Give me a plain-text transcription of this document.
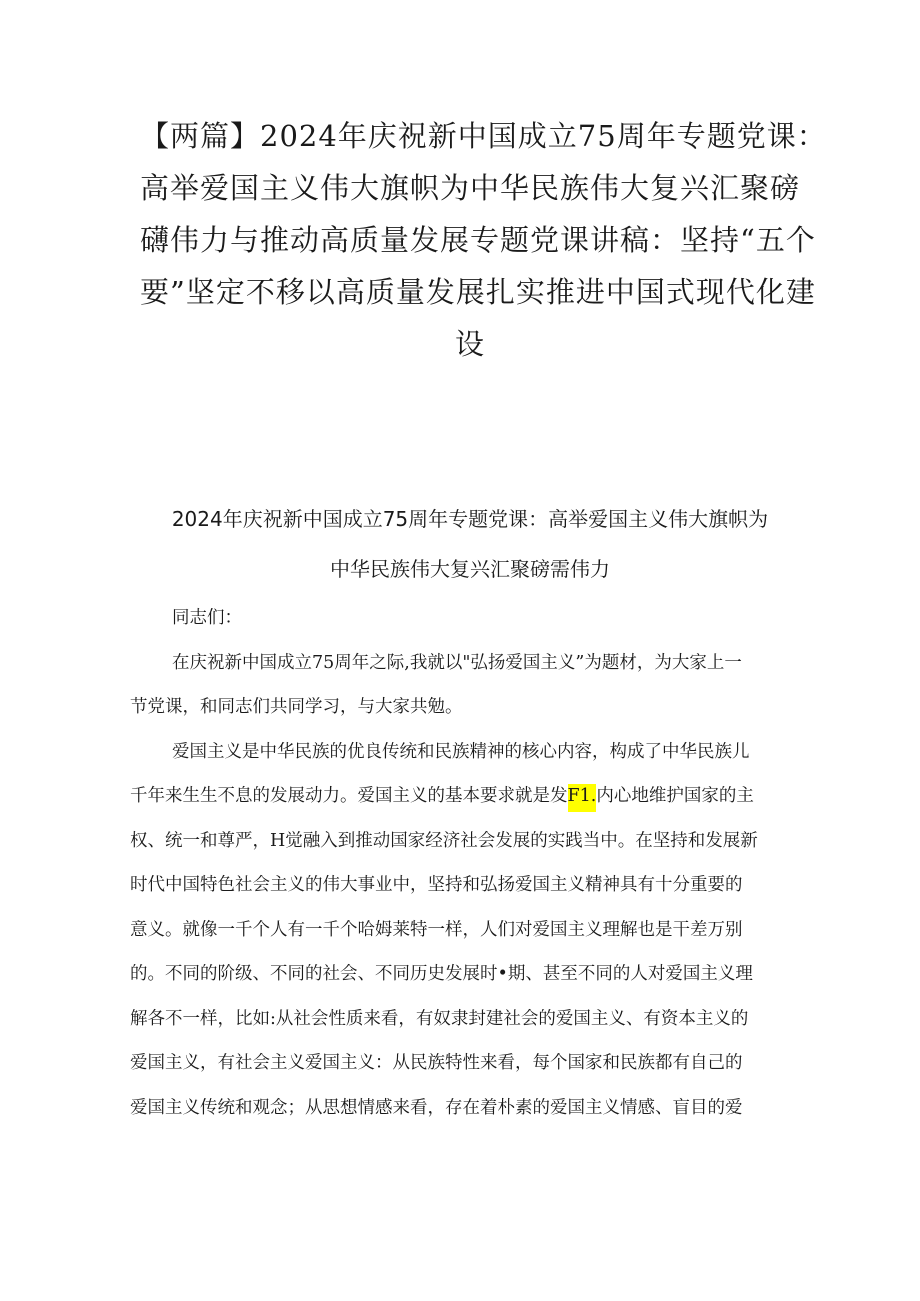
【两篇】2024年庆祝新中国成立75周年专题党课：
高举爱国主义伟大旗帜为中华民族伟大复兴汇聚磅
礴伟力与推动高质量发展专题党课讲稿：坚持“五个
要”坚定不移以高质量发展扎实推进中国式现代化建
设
2024年庆祝新中国成立75周年专题党课：高举爱国主义伟大旗帜为
中华民族伟大复兴汇聚磅需伟力
同志们：
在庆祝新中国成立75周年之际,我就以"弘扬爱国主义”为题材，为大家上一
节党课，和同志们共同学习，与大家共勉。
爱国主义是中华民族的优良传统和民族精神的核心内容，构成了中华民族儿
千年来生生不息的发展动力。爱国主义的基本要求就是发F1.内心地维护国家的主
权、统一和尊严，H觉融入到推动国家经济社会发展的实践当中。在坚持和发展新
时代中国特色社会主义的伟大事业中，坚持和弘扬爱国主义精神具有十分重要的
意义。就像一千个人有一千个哈姆莱特一样，人们对爱国主义理解也是干差万别
的。不同的阶级、不同的社会、不同历史发展时•期、甚至不同的人对爱国主义理
解各不一样，比如:从社会性质来看，有奴隶封建社会的爱国主义、有资本主义的
爱国主义，有社会主义爱国主义：从民族特性来看，每个国家和民族都有自己的
爱国主义传统和观念；从思想情感来看，存在着朴素的爱国主义情感、盲目的爱
